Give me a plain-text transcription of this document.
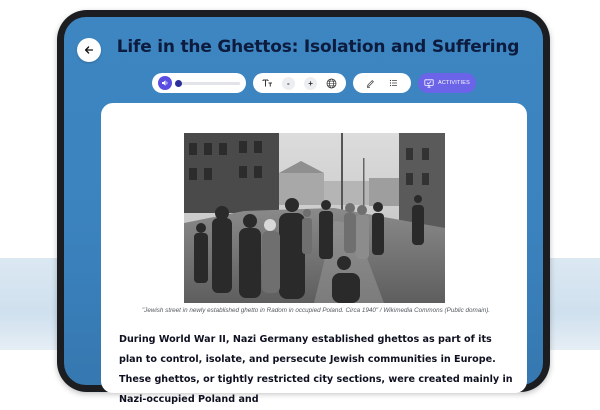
Life in the Ghettos: Isolation and Suffering
-	+	ACTIVITIES
"Jewish street in newly established ghetto in Radom in occupied Poland. Circa 1940" / Wikimedia Commons (Public domain).
During World War II, Nazi Germany established ghettos as part of its plan to control, isolate, and persecute Jewish communities in Europe. These ghettos, or tightly restricted city sections, were created mainly in Nazi-occupied Poland and
